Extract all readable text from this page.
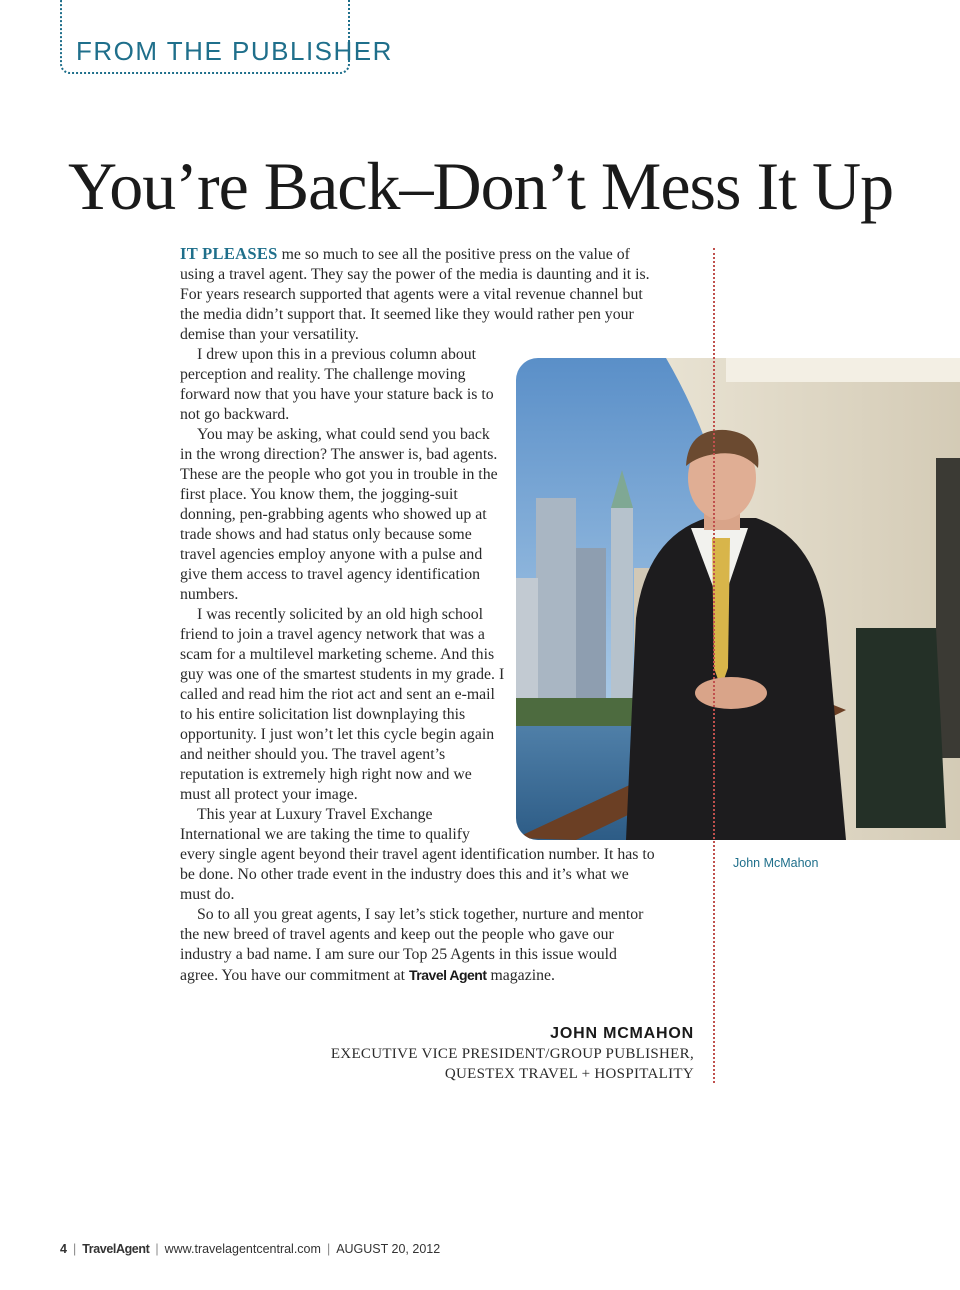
FROM THE PUBLISHER
You’re Back–Don’t Mess It Up

IT PLEASES me so much to see all the positive press on the value of using a travel agent. They say the power of the media is daunting and it is. For years research supported that agents were a vital revenue channel but the media didn’t support that. It seemed like they would rather pen your demise than your versatility.

I drew upon this in a previous column about perception and reality. The challenge moving forward now that you have your stature back is to not go backward.

You may be asking, what could send you back in the wrong direction? The answer is, bad agents. These are the people who got you in trouble in the first place. You know them, the jogging-suit donning, pen-grabbing agents who showed up at trade shows and had status only because some travel agencies employ anyone with a pulse and give them access to travel agency identification numbers.

I was recently solicited by an old high school friend to join a travel agency network that was a scam for a multilevel marketing scheme. And this guy was one of the smartest students in my grade. I called and read him the riot act and sent an e-mail to his entire solicitation list downplaying this opportunity. I just won’t let this cycle begin again and neither should you. The travel agent’s reputation is extremely high right now and we must all protect your image.

This year at Luxury Travel Exchange International we are taking the time to qualify every single agent beyond their travel agent identification number. It has to be done. No other trade event in the industry does this and it’s what we must do.

So to all you great agents, I say let’s stick together, nurture and mentor the new breed of travel agents and keep out the people who gave our industry a bad name. I am sure our Top 25 Agents in this issue would agree. You have our commitment at Travel Agent magazine.

John McMahon
JOHN MCMAHON
EXECUTIVE VICE PRESIDENT/GROUP PUBLISHER,
QUESTEX TRAVEL + HOSPITALITY
4 | TravelAgent | www.travelagentcentral.com | AUGUST 20, 2012
